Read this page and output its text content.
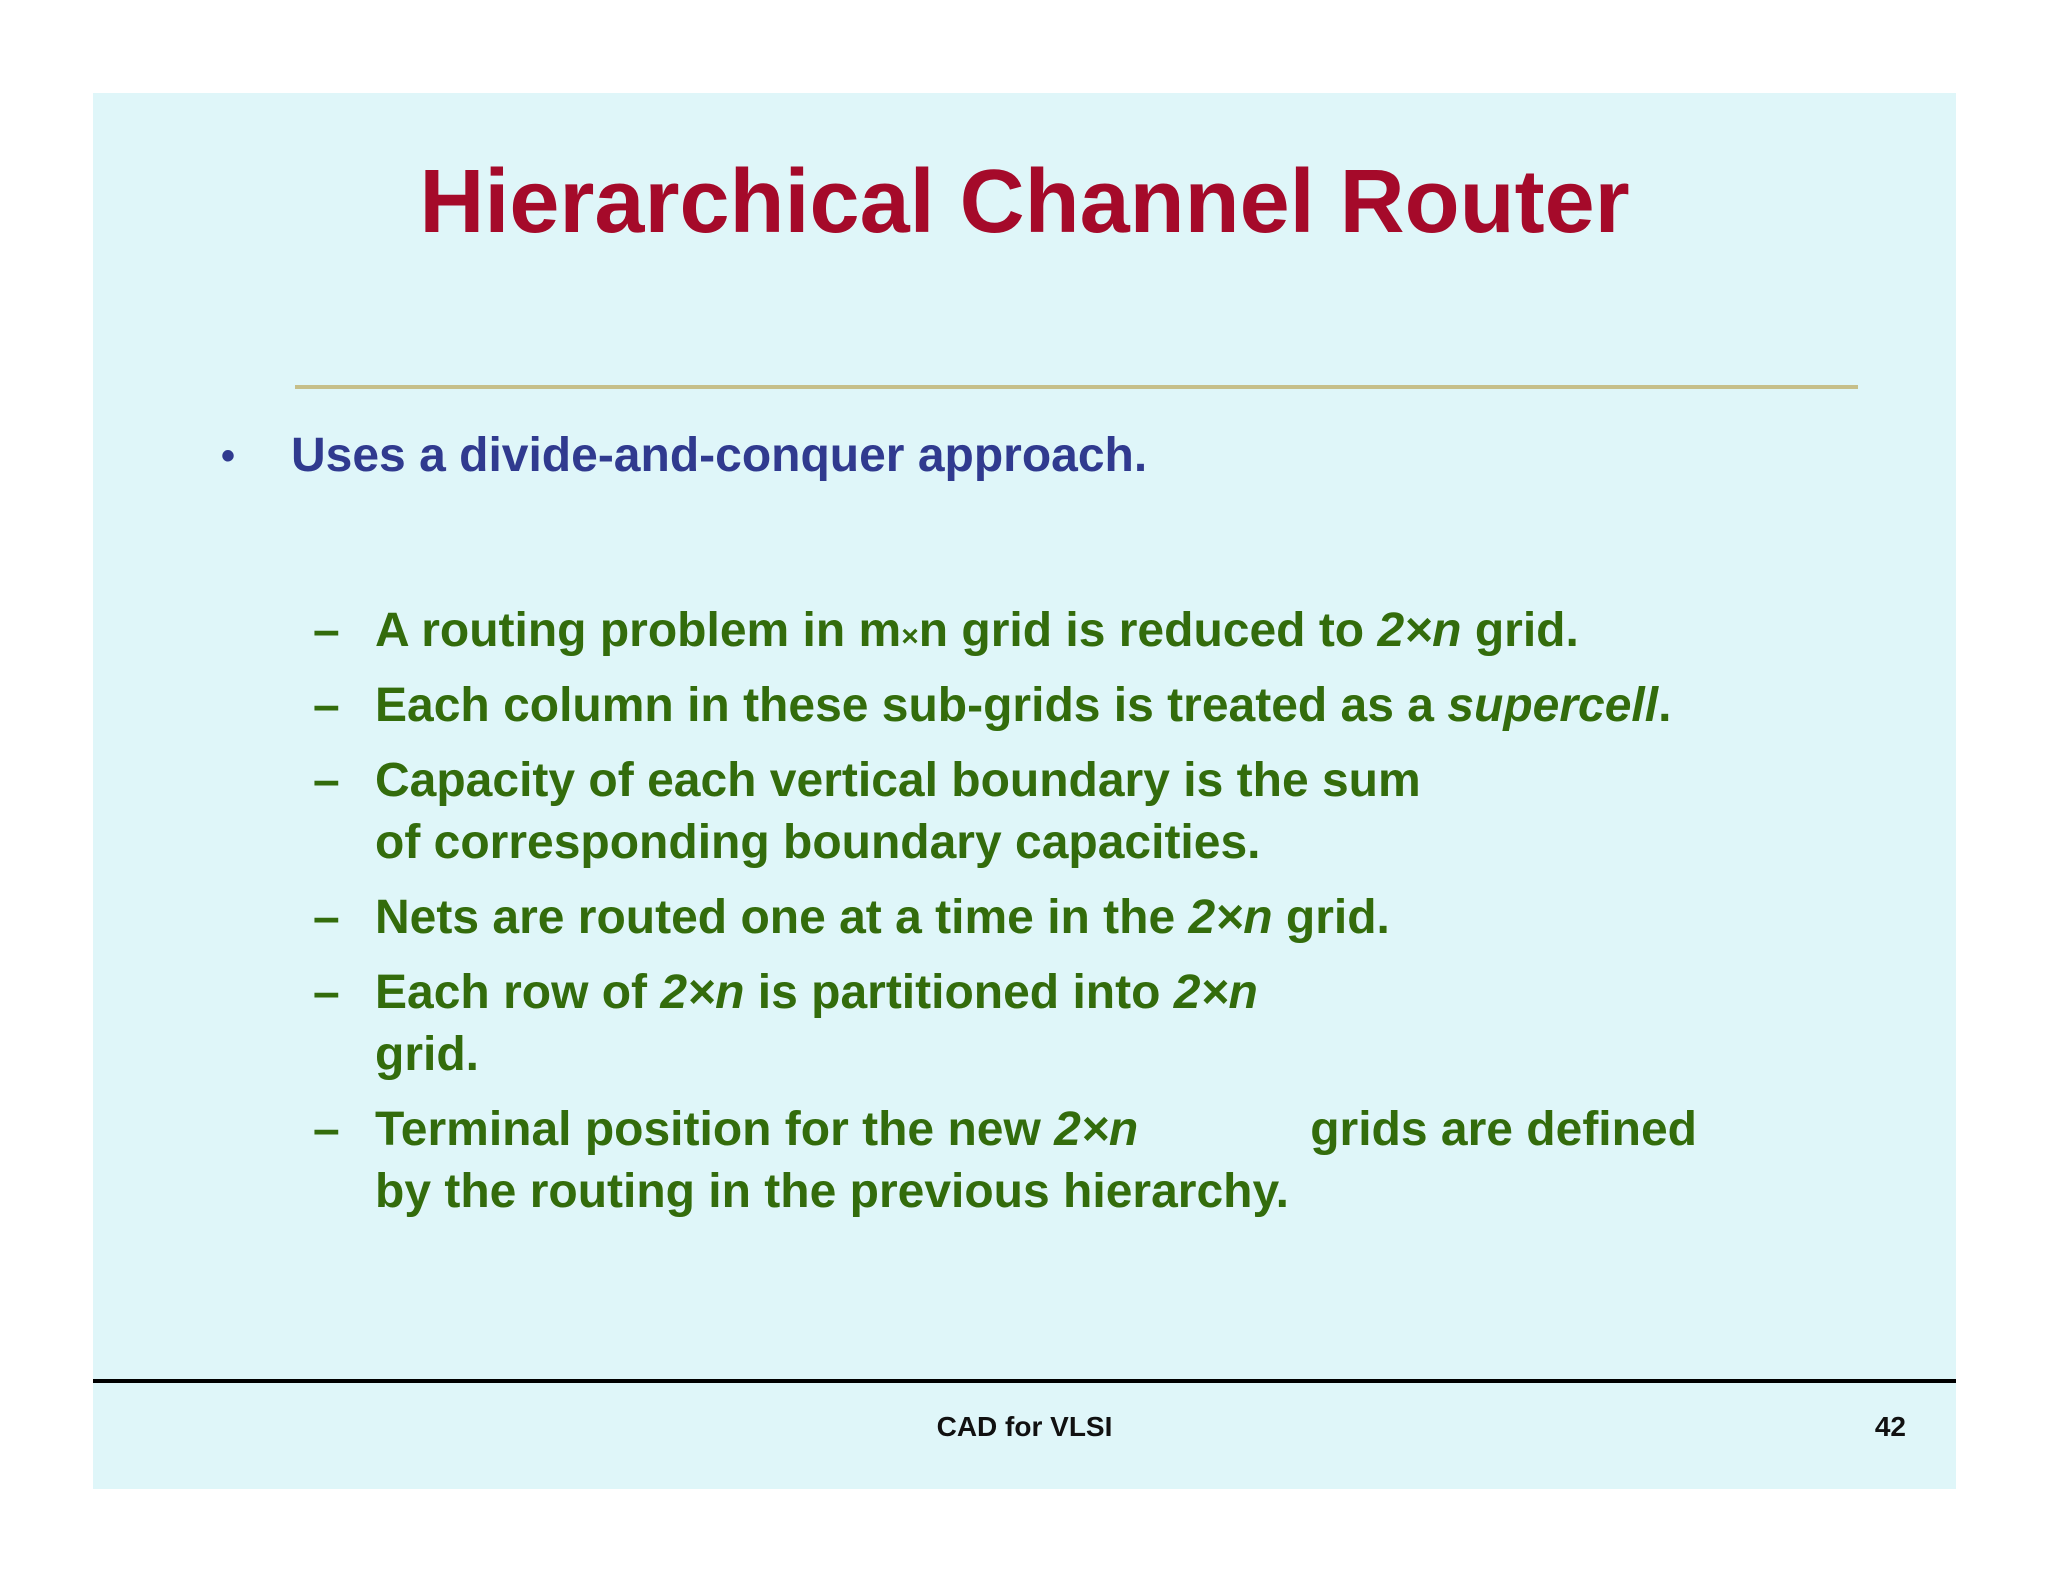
Hierarchical Channel Router
• Uses a divide-and-conquer approach.
– A routing problem in m×n grid is reduced to 2×n grid.
– Each column in these sub-grids is treated as a supercell.
– Capacity of each vertical boundary is the sum
of corresponding boundary capacities.
– Nets are routed one at a time in the 2×n grid.
– Each row of 2×n is partitioned into 2×n
grid.
– Terminal position for the new 2×n	grids are defined
by the routing in the previous hierarchy.
CAD for VLSI	42
